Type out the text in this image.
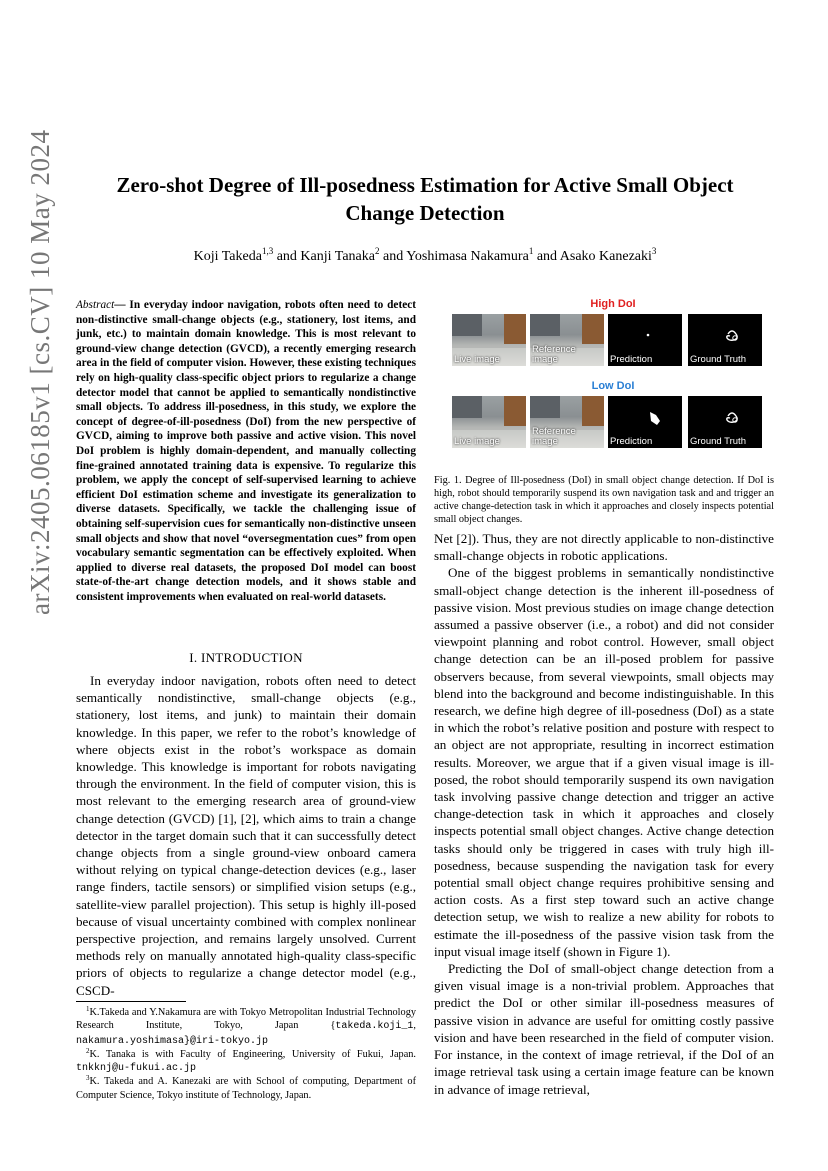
arXiv:2405.06185v1 [cs.CV] 10 May 2024	Zero-shot Degree of Ill-posedness Estimation for Active Small Object Change Detection
Koji Takeda$^{1,3}$ and Kanji Tanaka$^2$ and Yoshimasa Nakamura$^1$ and Asako Kanezaki$^3$
Abstract— In everyday indoor navigation, robots often need to detect non-distinctive small-change objects (e.g., stationery, lost items, and junk, etc.) to maintain domain knowledge. This is most relevant to ground-view change detection (GVCD), a recently emerging research area in the field of computer vision. However, these existing techniques rely on high-quality class-specific object priors to regularize a change detector model that cannot be applied to semantically nondistinctive small objects. To address ill-posedness, in this study, we explore the concept of degree-of-ill-posedness (DoI) from the new perspective of GVCD, aiming to improve both passive and active vision. This novel DoI problem is highly domain-dependent, and manually collecting fine-grained annotated training data is expensive. To regularize this problem, we apply the concept of self-supervised learning to achieve efficient DoI estimation scheme and investigate its generalization to diverse datasets. Specifically, we tackle the challenging issue of obtaining self-supervision cues for semantically non-distinctive unseen small objects and show that novel “oversegmentation cues” from open vocabulary semantic segmentation can be effectively exploited. When applied to diverse real datasets, the proposed DoI model can boost state-of-the-art change detection models, and it shows stable and consistent improvements when evaluated on real-world datasets.
I. INTRODUCTION

In everyday indoor navigation, robots often need to detect semantically nondistinctive, small-change objects (e.g., stationery, lost items, and junk) to maintain their domain knowledge. In this paper, we refer to the robot’s knowledge of where objects exist in the robot’s workspace as domain knowledge. This knowledge is important for robots navigating through the environment. In the field of computer vision, this is most relevant to the emerging research area of ground-view change detection (GVCD) [1], [2], which aims to train a change detector in the target domain such that it can successfully detect change objects from a single ground-view onboard camera without relying on typical change-detection devices (e.g., laser range finders, tactile sensors) or simplified vision setups (e.g., satellite-view parallel projection). This setup is highly ill-posed because of visual uncertainty combined with complex nonlinear perspective projection, and remains largely unsolved. Current methods rely on manually annotated high-quality class-specific priors of objects to regularize a change detector model (e.g., CSCD-

$^1$K.Takeda and Y.Nakamura are with Tokyo Metropolitan Industrial Technology Research Institute, Tokyo, Japan {takeda.koji_1, nakamura.yoshimasa}@iri-tokyo.jp

$^2$K. Tanaka is with Faculty of Engineering, University of Fukui, Japan. tnkknj@u-fukui.ac.jp

$^3$K. Takeda and A. Kanezaki are with School of computing, Department of Computer Science, Tokyo institute of Technology, Japan.

High DoI
Live image
Reference
image	Prediction	Ground Truth
Low DoI
Live image
Reference
image	Prediction	Ground Truth
Fig. 1. Degree of Ill-posedness (DoI) in small object change detection. If DoI is high, robot should temporarily suspend its own navigation task and and trigger an active change-detection task in which it approaches and closely inspects potential small object changes.

Net [2]). Thus, they are not directly applicable to non-distinctive small-change objects in robotic applications.

One of the biggest problems in semantically nondistinctive small-object change detection is the inherent ill-posedness of passive vision. Most previous studies on image change detection assumed a passive observer (i.e., a robot) and did not consider viewpoint planning and robot control. However, small object change detection can be an ill-posed problem for passive observers because, from several viewpoints, small objects may blend into the background and become indistinguishable. In this research, we define high degree of ill-posedness (DoI) as a state in which the robot’s relative position and posture with respect to an object are not appropriate, resulting in incorrect estimation results. Moreover, we argue that if a given visual image is ill-posed, the robot should temporarily suspend its own navigation task involving passive change detection and trigger an active change-detection task in which it approaches and closely inspects potential small object changes. Active change detection tasks should only be triggered in cases with truly high ill-posedness, because suspending the navigation task for every potential small object change requires prohibitive sensing and action costs. As a first step toward such an active change detection setup, we wish to realize a new ability for robots to estimate the ill-posedness of the passive vision task from the input visual image itself (shown in Figure 1).

Predicting the DoI of small-object change detection from a given visual image is a non-trivial problem. Approaches that predict the DoI or other similar ill-posedness measures of passive vision in advance are useful for omitting costly passive vision and have been researched in the field of computer vision. For instance, in the context of image retrieval, if the DoI of an image retrieval task using a certain image feature can be known in advance of image retrieval,
